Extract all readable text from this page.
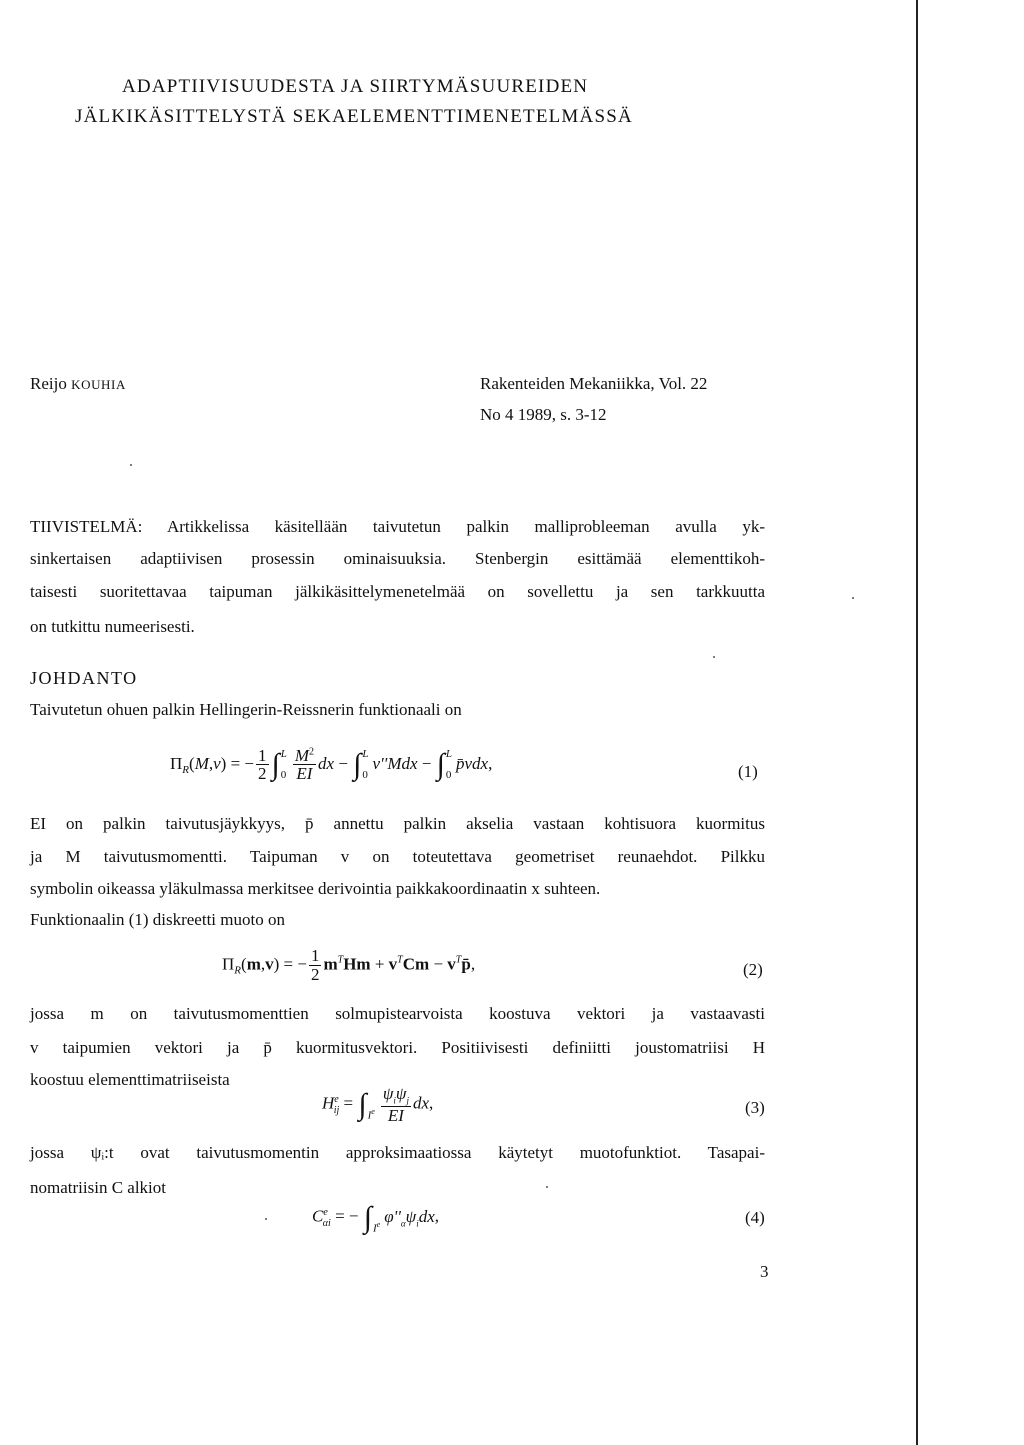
ADAPTIIVISUUDESTA JA SIIRTYMÄSUUREIDEN
JÄLKIKÄSITTELYSTÄ SEKAELEMENTTIMENETELMÄSSÄ
Reijo KOUHIA	Rakenteiden Mekaniikka, Vol. 22
No 4 1989, s. 3-12
TIIVISTELMÄ: Artikkelissa käsitellään taivutetun palkin malliprobleeman avulla yk-
sinkertaisen adaptiivisen prosessin ominaisuuksia. Stenbergin esittämää elementtikoh-
taisesti suoritettavaa taipuman jälkikäsittelymenetelmää on sovellettu ja sen tarkkuutta
on tutkittu numeerisesti.
JOHDANTO
Taivutetun ohuen palkin Hellingerin-Reissnerin funktionaali on
$\Pi_R(M,v)$ = − $\frac{1}{2}$ ∫ L
$0 \frac{M^2}{EI}$ dx − ∫ L
0
v''Mdx − ∫ L
0
p̄vdx,	(1)
EI on palkin taivutusjäykkyys, p̄ annettu palkin akselia vastaan kohtisuora kuormitus
ja M taivutusmomentti. Taipuman v on toteutettava geometriset reunaehdot. Pilkku
symbolin oikeassa yläkulmassa merkitsee derivointia paikkakoordinaatin x suhteen.
Funktionaalin (1) diskreetti muoto on
$\Pi_R(m,v)$ = − $\frac{1}{2} m^THm + v^TCm$ − $v^Tp̄$,	(2)
jossa m on taivutusmomenttien solmupistearvoista koostuva vektori ja vastaavasti
v taipumien vektori ja p̄ kuormitusvektori. Positiivisesti definiitti joustomatriisi H
koostuu elementtimatriiseista
$H^e_{ij}$ = ∫
$Ie \frac{\psi_i\psi_j}{EI}$ dx,	(3)
jossa ψᵢ:t ovat taivutusmomentin approksimaatiossa käytetyt muotofunktiot. Tasapai-
nomatriisin C alkiot
$C^e_{\alpha i}$ = − ∫
Ie $\varphi''_\alpha\psi_idx$,	(4)
3
